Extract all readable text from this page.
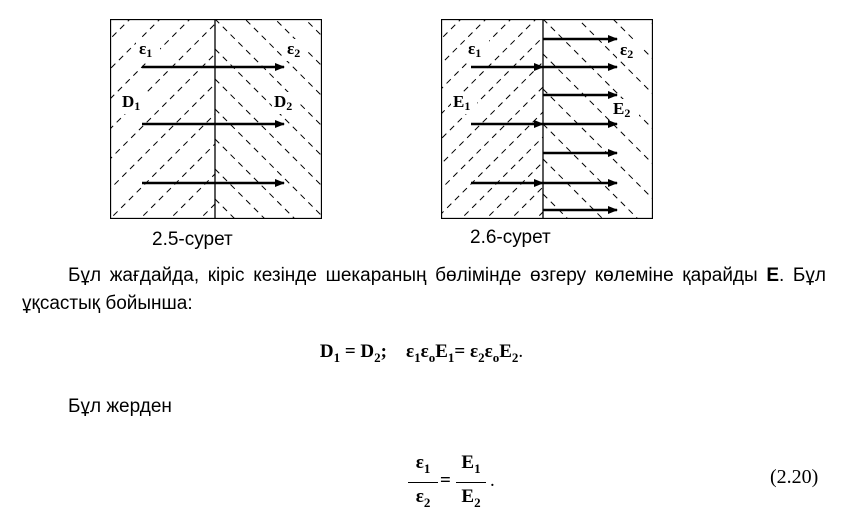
ε1	ε2
D1	D2
2.5-сурет
ε1	ε2
E1	E2
2.6-сурет
Бұл жағдайда, кіріс кезінде шекараның бөлімінде өзгеру көлеміне қарайды E. Бұл ұқсастық бойынша:
$D_1 = D_2$; $\varepsilon_1\varepsilon_oE_1= \varepsilon_2\varepsilon_oE_2$.
Бұл жерден
$\varepsilon_1$
$\varepsilon_2$
=
$E_1$
$E_2$
.	(2.20)
